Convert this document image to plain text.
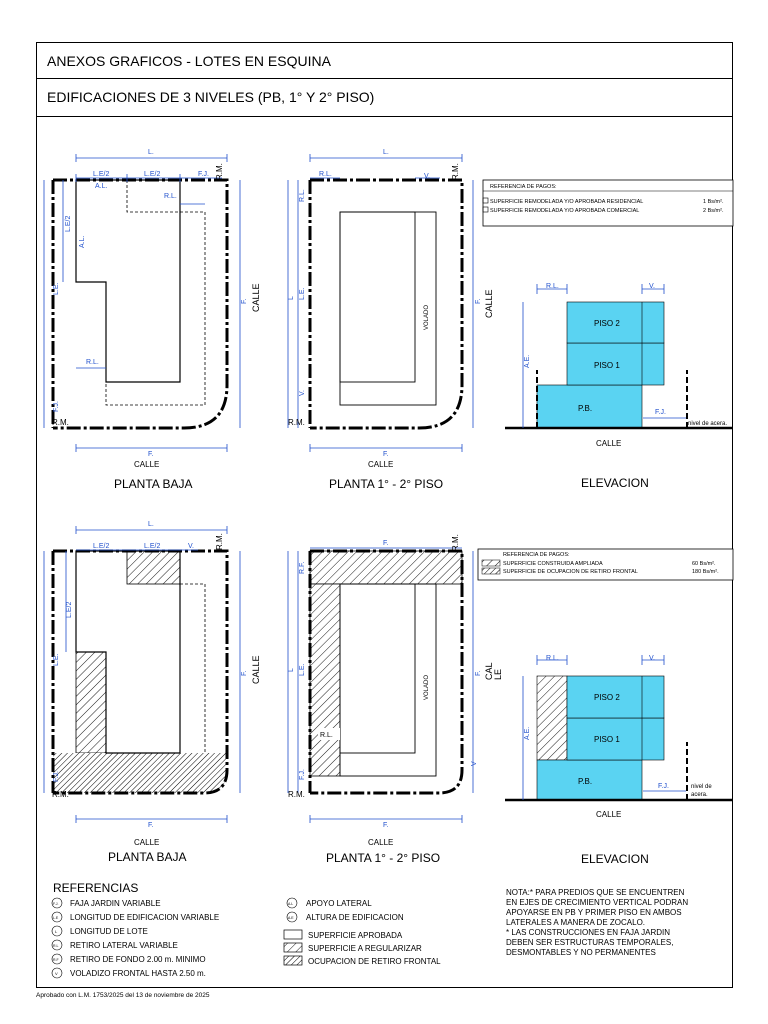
ANEXOS GRAFICOS - LOTES EN ESQUINA
EDIFICACIONES DE 3 NIVELES (PB, 1° Y 2° PISO)
L.
L.E/2	L.E/2	F.J.
A.L.
R.L.
R.L.
F.
L.E/2
A.L.
L.E.
F.J.
F.
R.M.
R.M.
CALLE
CALLE
PLANTA BAJA
L.
R.L.	V.
R.L.
L.E.
V.
L
F.
F.
VOLADO
R.M.
R.M.
CALLE
CALLE
PLANTA 1° - 2° PISO
REFERENCIA DE PAGOS:
SUPERFICIE REMODELADA Y/O APROBADA RESIDENCIAL	1 Bs/m².
SUPERFICIE REMODELADA Y/O APROBADA COMERCIAL	2 Bs/m².
R.L.	V.
A.E.
F.J.
PISO 2
PISO 1
P.B.
nivel de acera.
CALLE
ELEVACION
L.
L.E/2	L.E/2	V.
L.E/2
L.E.
F.J.
F.
F.
R.M.
R.M.
CALLE
CALLE
PLANTA BAJA
F.
R.F.
L.E.
F.J.
L
F.
V
F.
R.L.
VOLADO
R.M.
R.M.
CAL LE
CALLE
PLANTA 1° - 2° PISO
REFERENCIA DE PAGOS:
SUPERFICIE CONSTRUIDA AMPLIADA	60 Bs/m².
SUPERFICIE DE OCUPACION DE RETIRO FRONTAL	180 Bs/m².
R.L.	V.
A.E.
F.J.
PISO 2
PISO 1
P.B.
nivel de
acera.
CALLE
ELEVACION
REFERENCIAS
F.J. FAJA JARDIN VARIABLE
L.E LONGITUD DE EDIFICACION VARIABLE
L LONGITUD DE LOTE
R.L RETIRO LATERAL VARIABLE
R.F RETIRO DE FONDO 2.00 m. MINIMO
V VOLADIZO FRONTAL HASTA 2.50 m.
A.L APOYO LATERAL
A.E ALTURA DE EDIFICACION
SUPERFICIE APROBADA
SUPERFICIE A REGULARIZAR
OCUPACION DE RETIRO FRONTAL
NOTA:* PARA PREDIOS QUE SE ENCUENTREN
EN EJES DE CRECIMIENTO VERTICAL PODRAN
APOYARSE EN PB Y PRIMER PISO EN AMBOS
LATERALES A MANERA DE ZOCALO.
* LAS CONSTRUCCIONES EN FAJA JARDIN
DEBEN SER ESTRUCTURAS TEMPORALES,
DESMONTABLES Y NO PERMANENTES
Aprobado con L.M. 1753/2025 del 13 de noviembre de 2025
